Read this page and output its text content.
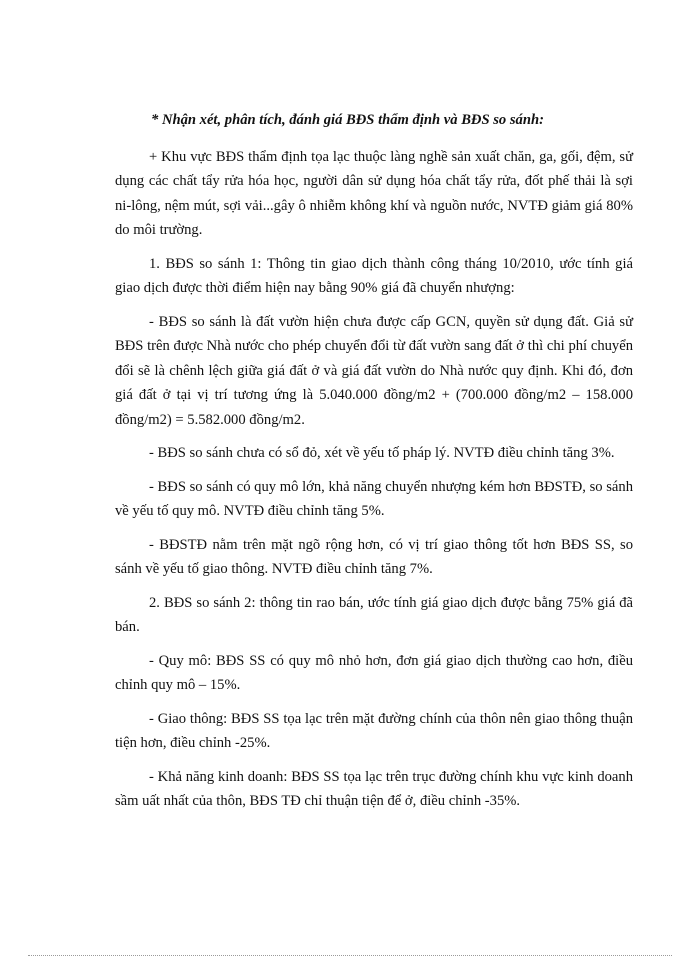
* Nhận xét, phân tích, đánh giá BĐS thẩm định và BĐS so sánh:

+ Khu vực BĐS thẩm định tọa lạc thuộc làng nghề sản xuất chăn, ga, gối, đệm, sử dụng các chất tẩy rửa hóa học, người dân sử dụng hóa chất tẩy rửa, đốt phế thải là sợi ni-lông, nệm mút, sợi vải...gây ô nhiễm không khí và nguồn nước, NVTĐ giảm giá 80% do môi trường.

1. BĐS so sánh 1: Thông tin giao dịch thành công tháng 10/2010, ước tính giá giao dịch được thời điểm hiện nay bằng 90% giá đã chuyển nhượng:

- BĐS so sánh là đất vườn hiện chưa được cấp GCN, quyền sử dụng đất. Giả sử BĐS trên được Nhà nước cho phép chuyển đổi từ đất vườn sang đất ở thì chi phí chuyển đổi sẽ là chênh lệch giữa giá đất ở và giá đất vườn do Nhà nước quy định. Khi đó, đơn giá đất ở tại vị trí tương ứng là 5.040.000 đồng/m2 + (700.000 đồng/m2 – 158.000 đồng/m2) = 5.582.000 đồng/m2.

- BĐS so sánh chưa có sổ đỏ, xét về yếu tố pháp lý. NVTĐ điều chỉnh tăng 3%.

- BĐS so sánh có quy mô lớn, khả năng chuyển nhượng kém hơn BĐSTĐ, so sánh về yếu tố quy mô. NVTĐ điều chỉnh tăng 5%.

- BĐSTĐ nằm trên mặt ngõ rộng hơn, có vị trí giao thông tốt hơn BĐS SS, so sánh về yếu tố giao thông. NVTĐ điều chỉnh tăng 7%.

2. BĐS so sánh 2: thông tin rao bán, ước tính giá giao dịch được bằng 75% giá đã bán.

- Quy mô: BĐS SS có quy mô nhỏ hơn, đơn giá giao dịch thường cao hơn, điều chỉnh quy mô – 15%.

- Giao thông: BĐS SS tọa lạc trên mặt đường chính của thôn nên giao thông thuận tiện hơn, điều chỉnh -25%.

- Khả năng kinh doanh: BĐS SS tọa lạc trên trục đường chính khu vực kinh doanh sầm uất nhất của thôn, BĐS TĐ chỉ thuận tiện để ở, điều chỉnh -35%.
